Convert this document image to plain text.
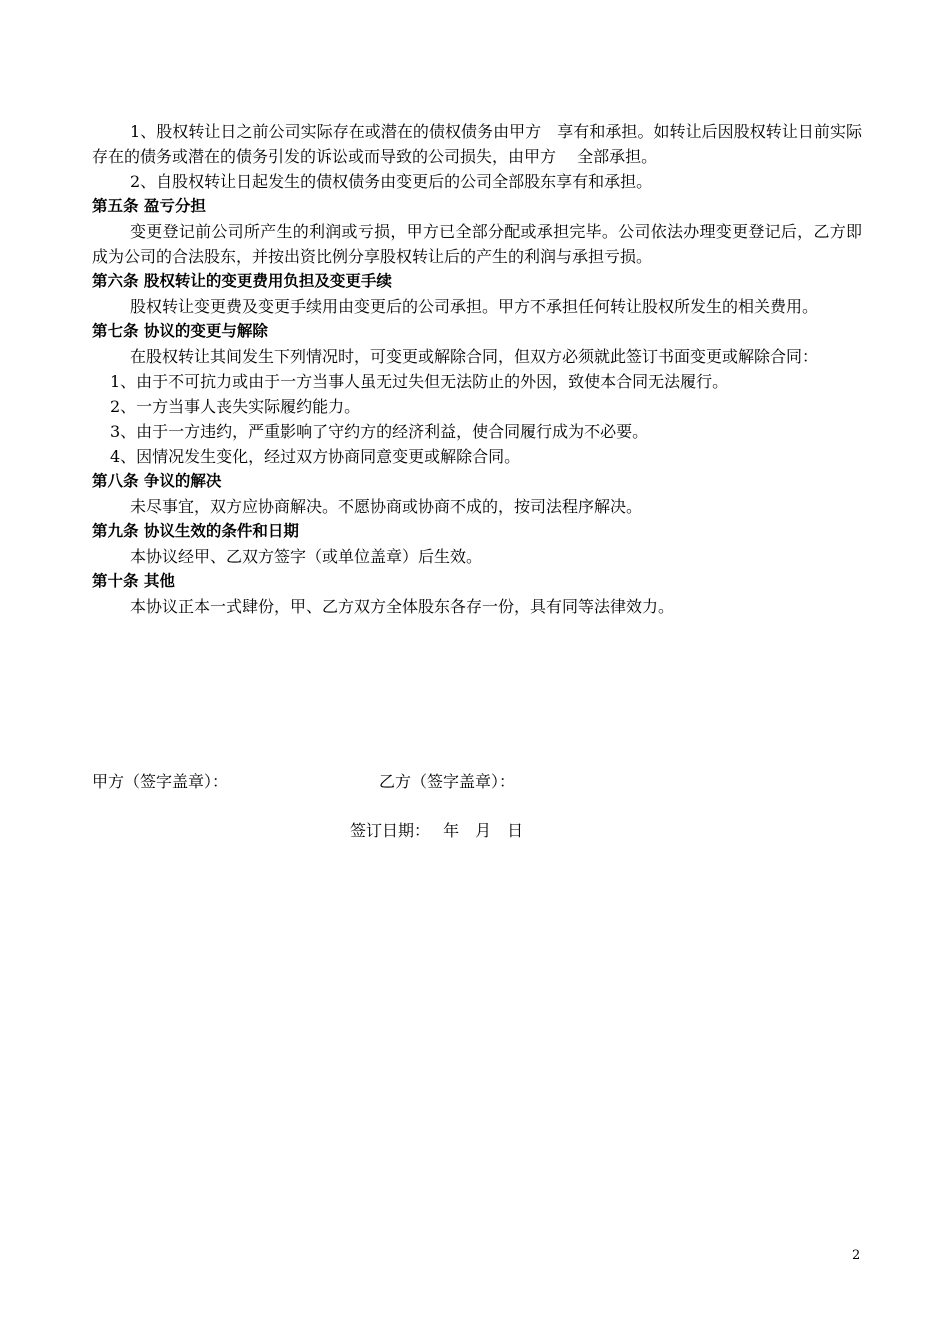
1、股权转让日之前公司实际存在或潜在的债权债务由甲方　享有和承担。如转让后因股权转让日前实际存在的债务或潜在的债务引发的诉讼或而导致的公司损失，由甲方　 全部承担。

2、自股权转让日起发生的债权债务由变更后的公司全部股东享有和承担。

第五条 盈亏分担

变更登记前公司所产生的利润或亏损，甲方已全部分配或承担完毕。公司依法办理变更登记后，乙方即成为公司的合法股东，并按出资比例分享股权转让后的产生的利润与承担亏损。

第六条 股权转让的变更费用负担及变更手续

股权转让变更费及变更手续用由变更后的公司承担。甲方不承担任何转让股权所发生的相关费用。

第七条 协议的变更与解除

在股权转让其间发生下列情况时，可变更或解除合同，但双方必须就此签订书面变更或解除合同：

1、由于不可抗力或由于一方当事人虽无过失但无法防止的外因，致使本合同无法履行。

2、一方当事人丧失实际履约能力。

3、由于一方违约，严重影响了守约方的经济利益，使合同履行成为不必要。

4、因情况发生变化，经过双方协商同意变更或解除合同。

第八条 争议的解决

未尽事宜，双方应协商解决。不愿协商或协商不成的，按司法程序解决。

第九条 协议生效的条件和日期

本协议经甲、乙双方签字（或单位盖章）后生效。

第十条 其他

本协议正本一式肆份，甲、乙方双方全体股东各存一份，具有同等法律效力。

甲方（签字盖章）：	乙方（签字盖章）：
签订日期：　 年　月　日
2
